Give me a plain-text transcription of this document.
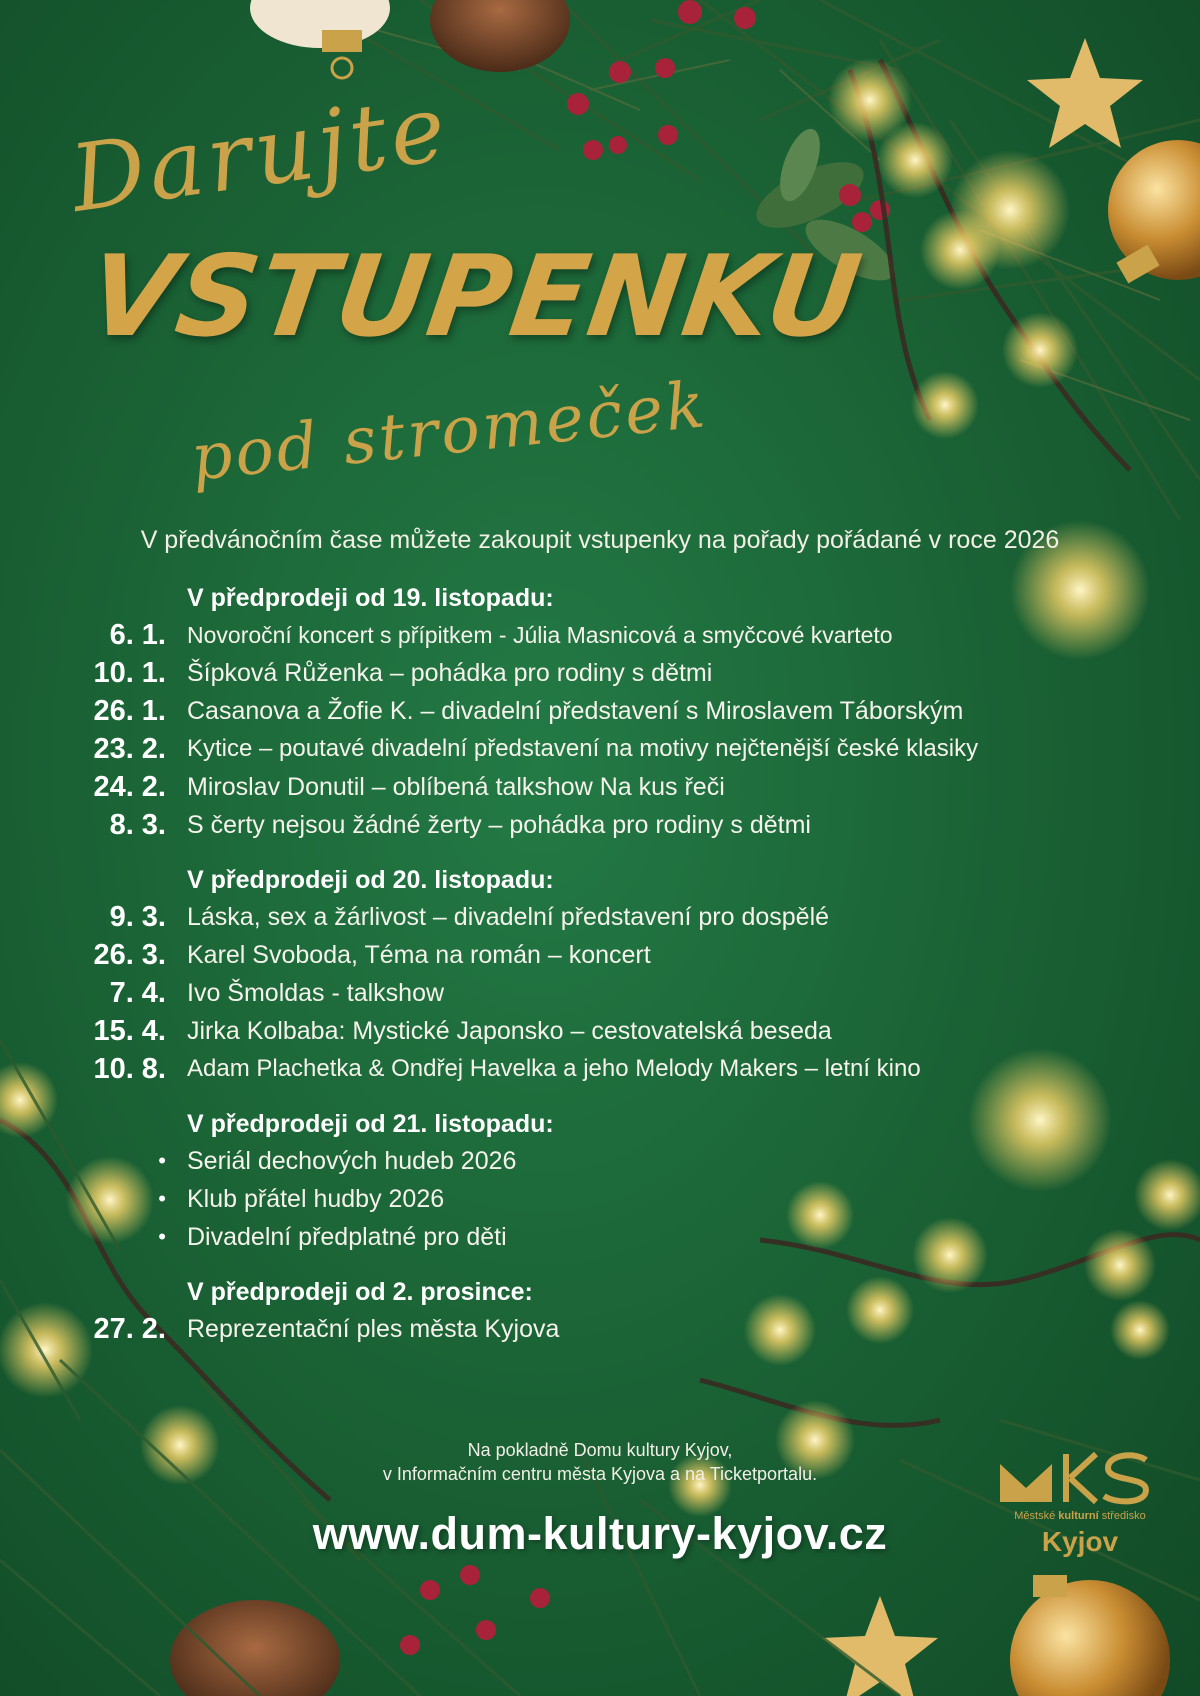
Darujte
VSTUPENKU
pod stromeček
V předvánočním čase můžete zakoupit vstupenky na pořady pořádané v roce 2026
V předprodeji od 19. listopadu:
6. 1. Novoroční koncert s přípitkem - Júlia Masnicová a smyčcové kvarteto
10. 1. Šípková Růženka – pohádka pro rodiny s dětmi
26. 1. Casanova a Žofie K. – divadelní představení s Miroslavem Táborským
23. 2. Kytice – poutavé divadelní představení na motivy nejčtenější české klasiky
24. 2. Miroslav Donutil – oblíbená talkshow Na kus řeči
8. 3. S čerty nejsou žádné žerty – pohádka pro rodiny s dětmi
V předprodeji od 20. listopadu:
9. 3. Láska, sex a žárlivost – divadelní představení pro dospělé
26. 3. Karel Svoboda, Téma na román – koncert
7. 4. Ivo Šmoldas - talkshow
15. 4. Jirka Kolbaba: Mystické Japonsko – cestovatelská beseda
10. 8. Adam Plachetka & Ondřej Havelka a jeho Melody Makers – letní kino
V předprodeji od 21. listopadu:
• Seriál dechových hudeb 2026
• Klub přátel hudby 2026
• Divadelní předplatné pro děti
V předprodeji od 2. prosince:
27. 2. Reprezentační ples města Kyjova
Na pokladně Domu kultury Kyjov,
v Informačním centru města Kyjova a na Ticketportalu.
www.dum-kultury-kyjov.cz	Městské kulturní středisko
Kyjov
